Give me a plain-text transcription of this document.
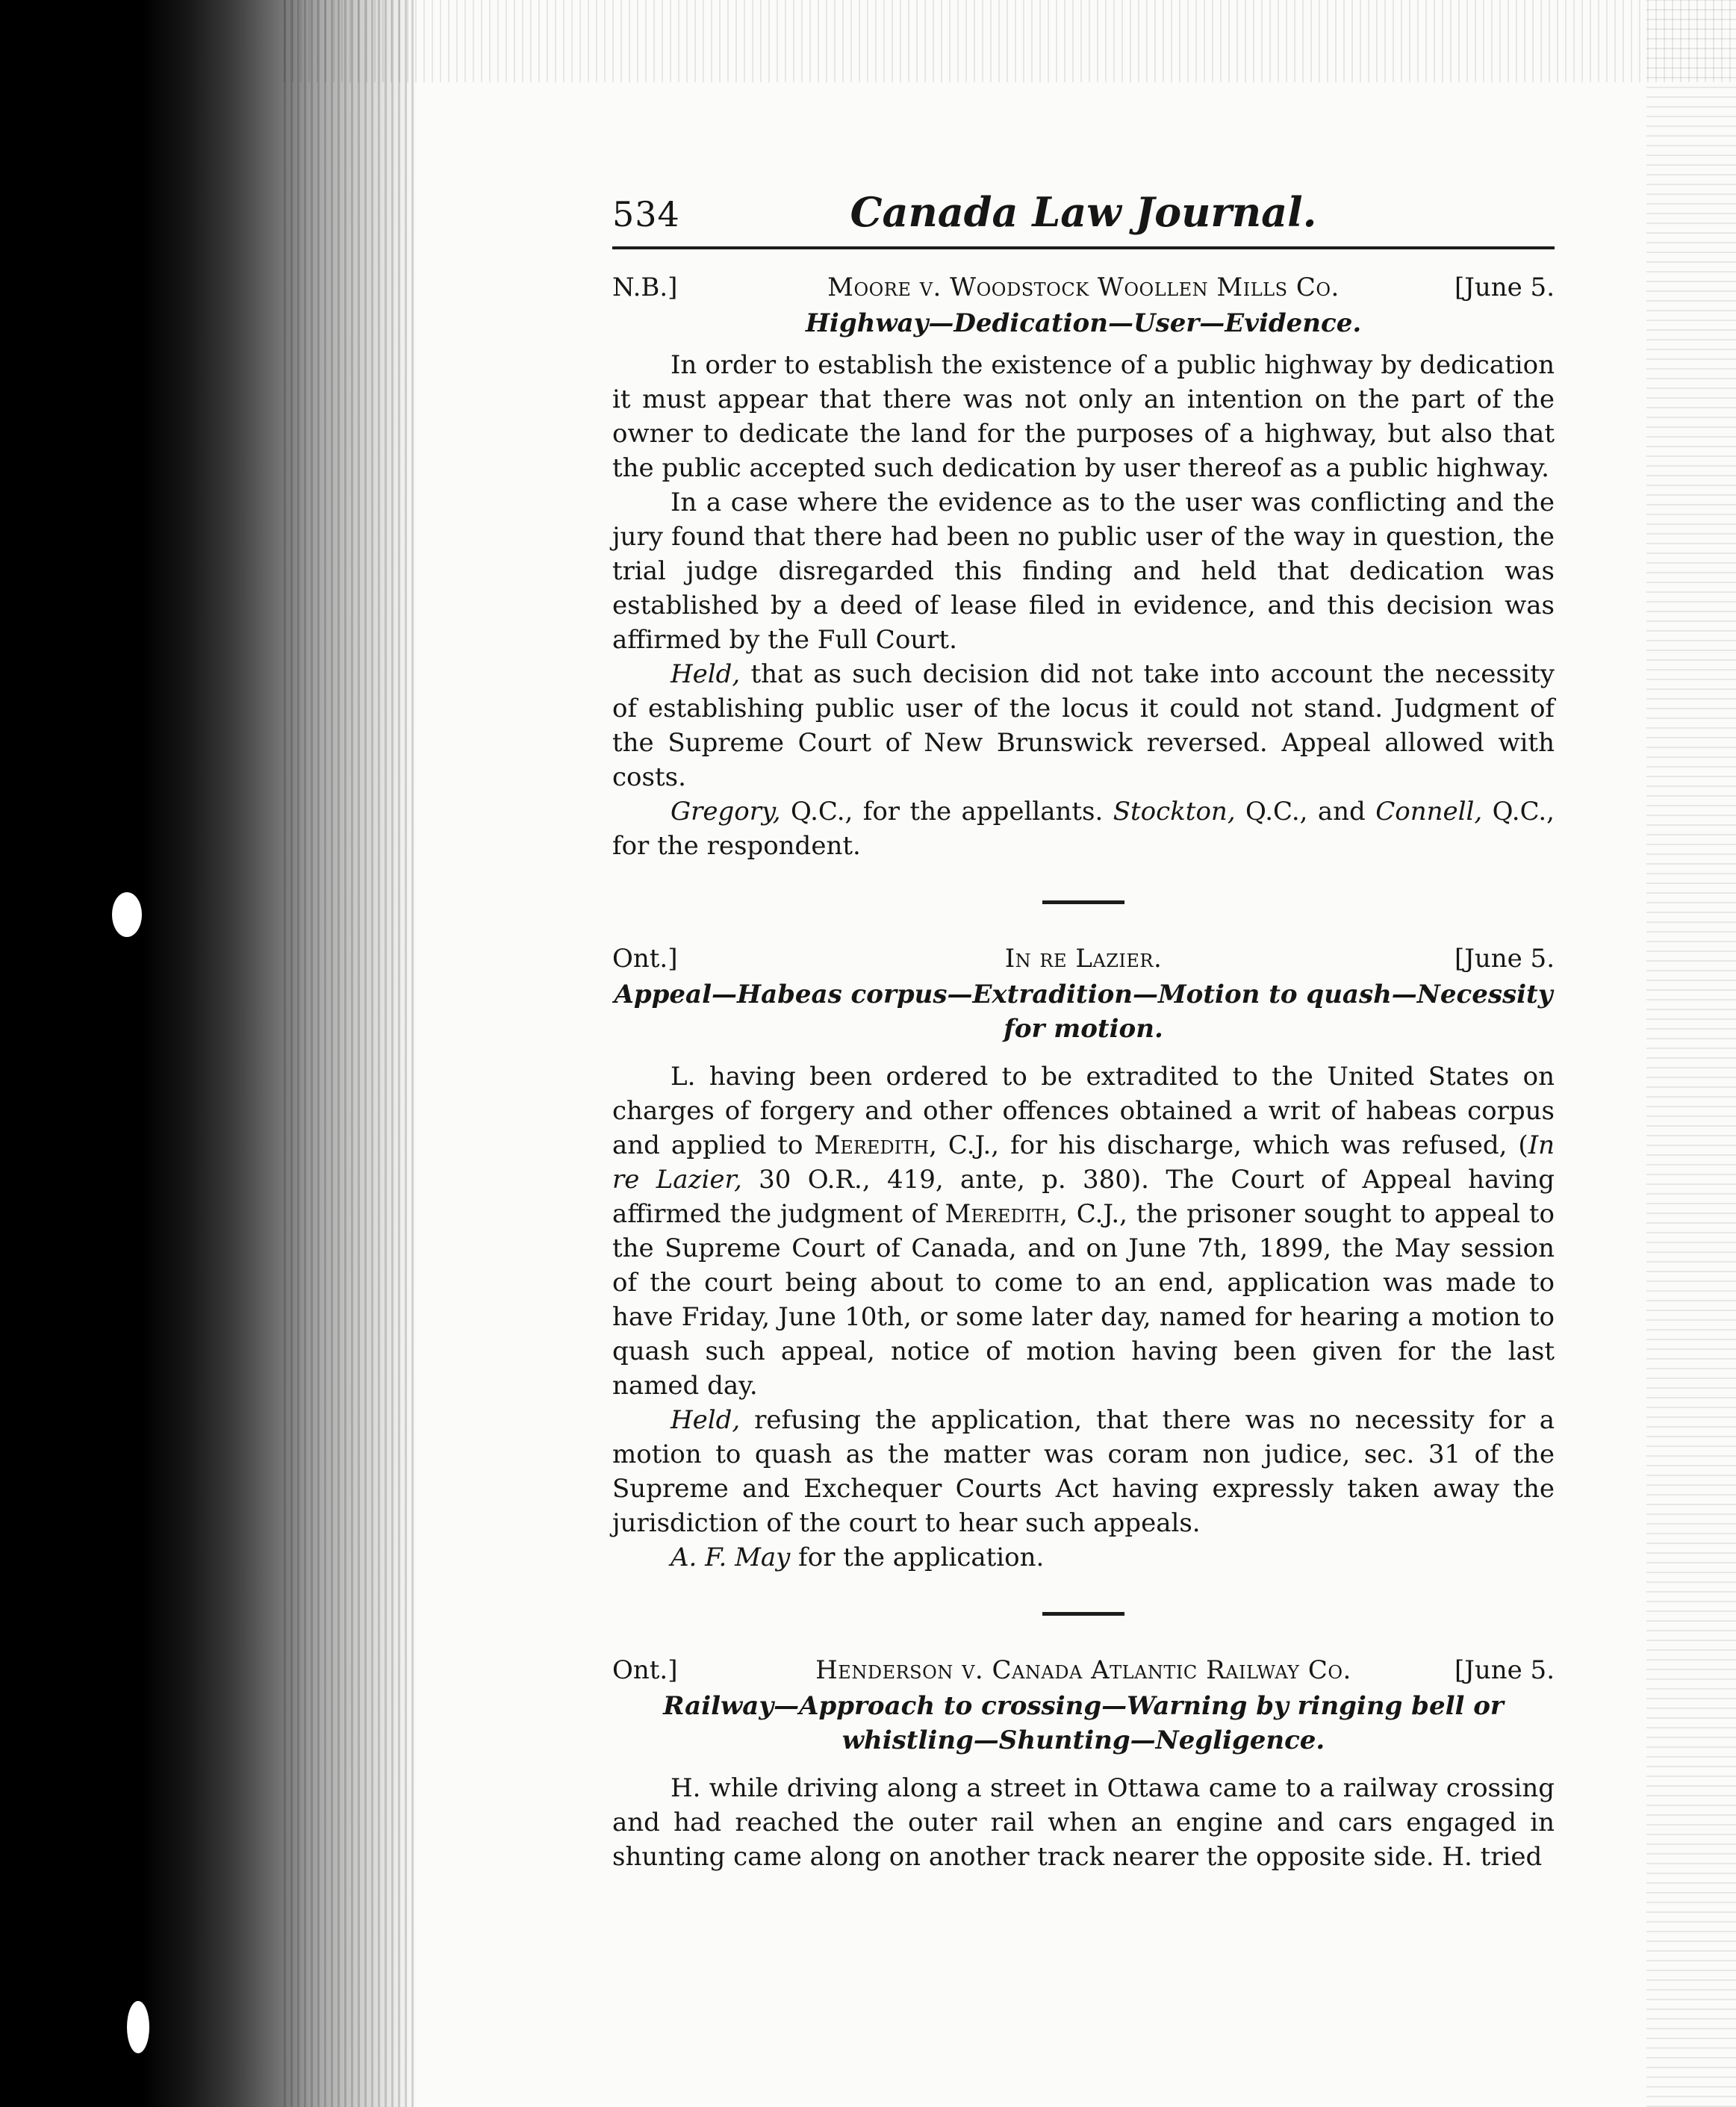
534	Canada Law Journal.
N.B.]	Moore v. Woodstock Woollen Mills Co.	[June 5.
Highway—Dedication—User—Evidence.

In order to establish the existence of a public highway by dedication it must appear that there was not only an intention on the part of the owner to dedicate the land for the purposes of a highway, but also that the public accepted such dedication by user thereof as a public highway.

In a case where the evidence as to the user was conflicting and the jury found that there had been no public user of the way in question, the trial judge disregarded this finding and held that dedication was established by a deed of lease filed in evidence, and this decision was affirmed by the Full Court.

Held, that as such decision did not take into account the necessity of establishing public user of the locus it could not stand. Judgment of the Supreme Court of New Brunswick reversed. Appeal allowed with costs.

Gregory, Q.C., for the appellants. Stockton, Q.C., and Connell, Q.C., for the respondent.

Ont.]	In re Lazier.	[June 5.
Appeal—Habeas corpus—Extradition—Motion to quash—Necessity for motion.

L. having been ordered to be extradited to the United States on charges of forgery and other offences obtained a writ of habeas corpus and applied to Meredith, C.J., for his discharge, which was refused, (In re Lazier, 30 O.R., 419, ante, p. 380). The Court of Appeal having affirmed the judgment of Meredith, C.J., the prisoner sought to appeal to the Supreme Court of Canada, and on June 7th, 1899, the May session of the court being about to come to an end, application was made to have Friday, June 10th, or some later day, named for hearing a motion to quash such appeal, notice of motion having been given for the last named day.

Held, refusing the application, that there was no necessity for a motion to quash as the matter was coram non judice, sec. 31 of the Supreme and Exchequer Courts Act having expressly taken away the jurisdiction of the court to hear such appeals.

A. F. May for the application.

Ont.]	Henderson v. Canada Atlantic Railway Co.	[June 5.
Railway—Approach to crossing—Warning by ringing bell or whistling—Shunting—Negligence.

H. while driving along a street in Ottawa came to a railway crossing and had reached the outer rail when an engine and cars engaged in shunting came along on another track nearer the opposite side. H. tried
